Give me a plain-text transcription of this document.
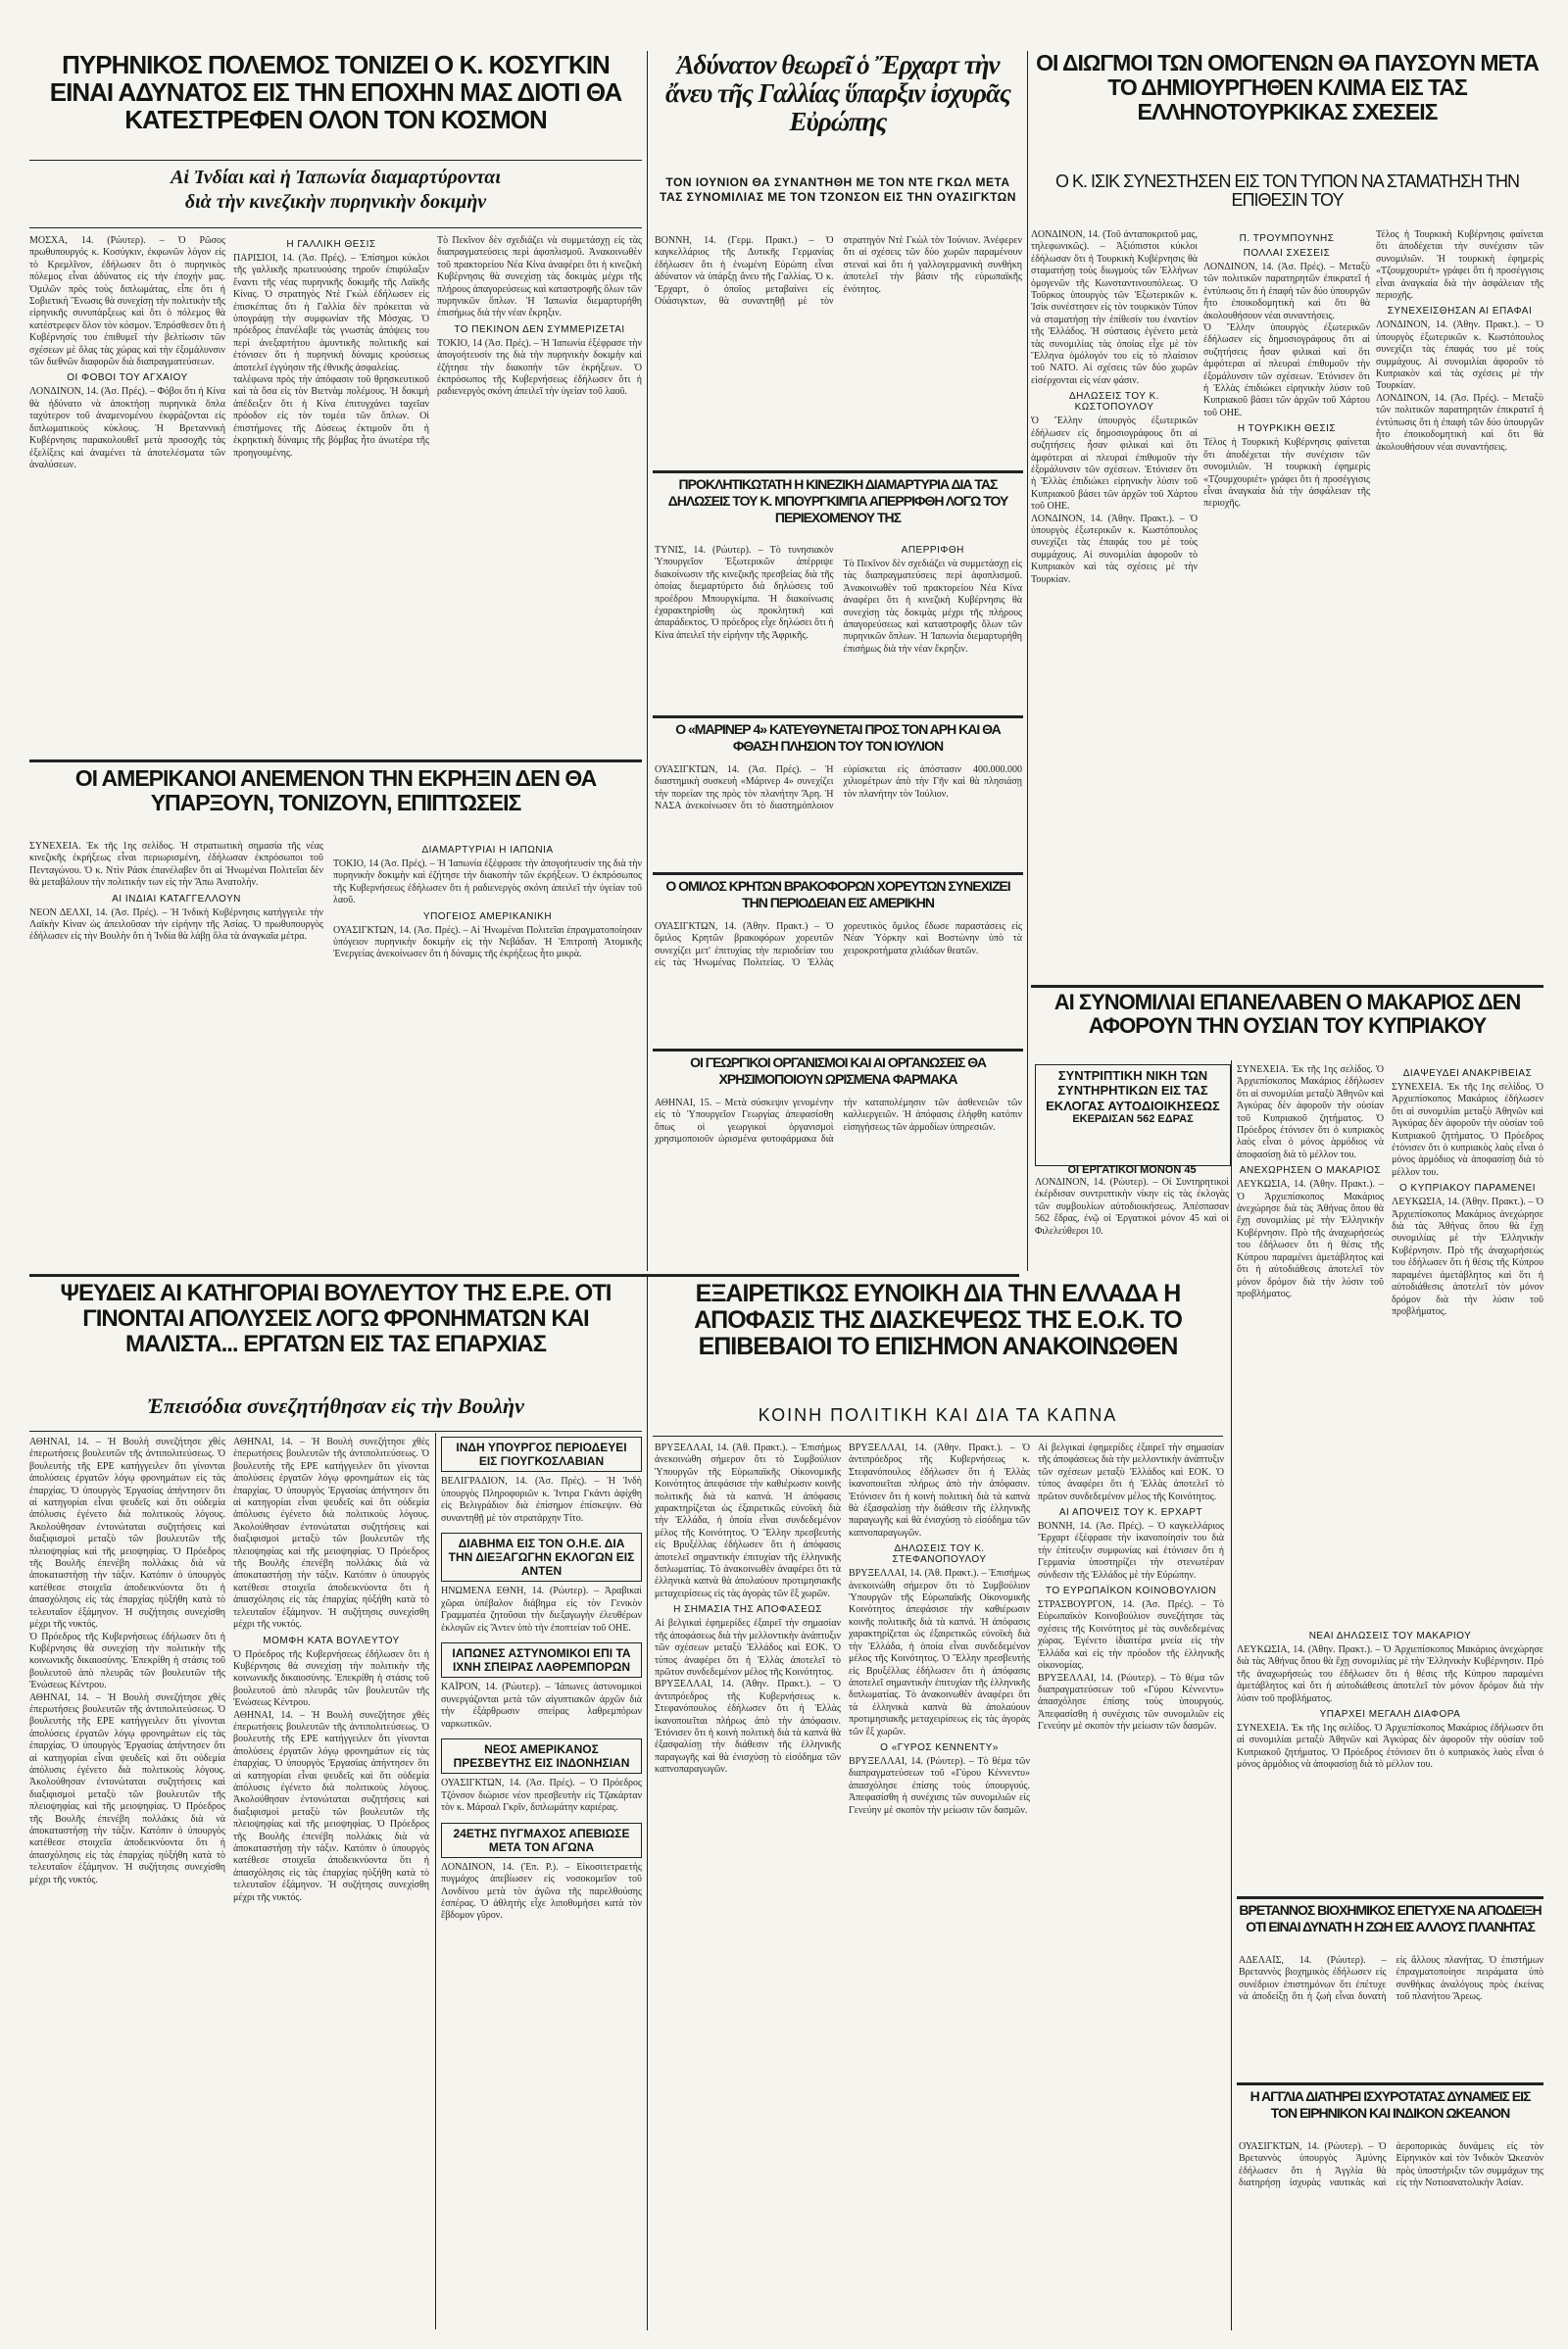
ΠΥΡΗΝΙΚΟΣ ΠΟΛΕΜΟΣ ΤΟΝΙΖΕΙ Ο Κ. ΚΟΣΥΓΚΙΝ ΕΙΝΑΙ ΑΔΥΝΑΤΟΣ ΕΙΣ ΤΗΝ ΕΠΟΧΗΝ ΜΑΣ ΔΙΟΤΙ ΘΑ ΚΑΤΕΣΤΡΕΦΕΝ ΟΛΟΝ ΤΟΝ ΚΟΣΜΟΝ
Αἱ Ἰνδίαι καὶ ἡ Ἰαπωνία διαμαρτύρονται
διὰ τὴν κινεζικὴν πυρηνικὴν δοκιμὴν

ΜΟΣΧΑ, 14. (Ρώυτερ). – Ὁ Ρῶσος πρωθυπουργός κ. Κοσύγκιν, ἐκφωνῶν λόγον εἰς τὸ Κρεμλῖνον, ἐδήλωσεν ὅτι ὁ πυρηνικὸς πόλεμος εἶναι ἀδύνατος εἰς τὴν ἐποχήν μας. Ὁμιλῶν πρὸς τοὺς διπλωμάτας, εἶπε ὅτι ἡ Σοβιετικὴ Ἕνωσις θὰ συνεχίσῃ τὴν πολιτικὴν τῆς εἰρηνικῆς συνυπάρξεως καὶ ὅτι ὁ πόλεμος θὰ κατέστρεφεν ὅλον τὸν κόσμον. Ἐπρόσθεσεν ὅτι ἡ Κυβέρνησίς του ἐπιθυμεῖ τὴν βελτίωσιν τῶν σχέσεων μὲ ὅλας τὰς χώρας καὶ τὴν ἐξομάλυνσιν τῶν διεθνῶν διαφορῶν διὰ διαπραγματεύσεων.

ΟΙ ΦΟΒΟΙ ΤΟΥ ΑΓΧΑΙΟΥ

ΛΟΝΔΙΝΟΝ, 14. (Ἀσ. Πρές). – Φόβοι ὅτι ἡ Κίνα θὰ ἠδύνατο νὰ ἀποκτήσῃ πυρηνικὰ ὅπλα ταχύτερον τοῦ ἀναμενομένου ἐκφράζονται εἰς διπλωματικοὺς κύκλους. Ἡ Βρεταννικὴ Κυβέρνησις παρακολουθεῖ μετὰ προσοχῆς τὰς ἐξελίξεις καὶ ἀναμένει τὰ ἀποτελέσματα τῶν ἀναλύσεων.

Η ΓΑΛΛΙΚΗ ΘΕΣΙΣ

ΠΑΡΙΣΙΟΙ, 14. (Ἀσ. Πρές). – Ἐπίσημοι κύκλοι τῆς γαλλικῆς πρωτευούσης τηροῦν ἐπιφύλαξιν ἔναντι τῆς νέας πυρηνικῆς δοκιμῆς τῆς Λαϊκῆς Κίνας. Ὁ στρατηγὸς Ντὲ Γκὼλ ἐδήλωσεν εἰς ἐπισκέπτας ὅτι ἡ Γαλλία δὲν πρόκειται νὰ ὑπογράψῃ τὴν συμφωνίαν τῆς Μόσχας. Ὁ πρόεδρος ἐπανέλαβε τὰς γνωστὰς ἀπόψεις του περὶ ἀνεξαρτήτου ἀμυντικῆς πολιτικῆς καὶ ἐτόνισεν ὅτι ἡ πυρηνικὴ δύναμις κρούσεως ἀποτελεῖ ἐγγύησιν τῆς ἐθνικῆς ἀσφαλείας.

ταλέφωνα πρὸς τὴν ἀπόφασιν τοῦ θρησκευτικοῦ καὶ τὰ ὅσα εἰς τὸν Βιετνὰμ πολέμους. Ἡ δοκιμὴ ἀπέδειξεν ὅτι ἡ Κίνα ἐπιτυγχάνει ταχεῖαν πρόοδον εἰς τὸν τομέα τῶν ὅπλων. Οἱ ἐπιστήμονες τῆς Δύσεως ἐκτιμοῦν ὅτι ἡ ἐκρηκτικὴ δύναμις τῆς βόμβας ἦτο ἀνωτέρα τῆς προηγουμένης.

Τὸ Πεκῖνον δὲν σχεδιάζει νὰ συμμετάσχῃ εἰς τὰς διαπραγματεύσεις περὶ ἀφοπλισμοῦ. Ἀνακοινωθὲν τοῦ πρακτορείου Νέα Κίνα ἀναφέρει ὅτι ἡ κινεζικὴ Κυβέρνησις θὰ συνεχίσῃ τὰς δοκιμὰς μέχρι τῆς πλήρους ἀπαγορεύσεως καὶ καταστροφῆς ὅλων τῶν πυρηνικῶν ὅπλων. Ἡ Ἰαπωνία διεμαρτυρήθη ἐπισήμως διὰ τὴν νέαν ἔκρηξιν.

ΤΟ ΠΕΚΙΝΟΝ ΔΕΝ ΣΥΜΜΕΡΙΖΕΤΑΙ

ΤΟΚΙΟ, 14 (Ἀσ. Πρές). – Ἡ Ἰαπωνία ἐξέφρασε τὴν ἀπογοήτευσίν της διὰ τὴν πυρηνικὴν δοκιμὴν καὶ ἐζήτησε τὴν διακοπὴν τῶν ἐκρήξεων. Ὁ ἐκπρόσωπος τῆς Κυβερνήσεως ἐδήλωσεν ὅτι ἡ ραδιενεργὸς σκόνη ἀπειλεῖ τὴν ὑγείαν τοῦ λαοῦ.

ΟΙ ΑΜΕΡΙΚΑΝΟΙ ΑΝΕΜΕΝΟΝ ΤΗΝ ΕΚΡΗΞΙΝ ΔΕΝ ΘΑ ΥΠΑΡΞΟΥΝ, ΤΟΝΙΖΟΥΝ, ΕΠΙΠΤΩΣΕΙΣ

ΣΥΝΕΧΕΙΑ. Ἐκ τῆς 1ης σελίδος. Ἡ στρατιωτικὴ σημασία τῆς νέας κινεζικῆς ἐκρήξεως εἶναι περιωρισμένη, ἐδήλωσαν ἐκπρόσωποι τοῦ Πενταγώνου. Ὁ κ. Ντὶν Ράσκ ἐπανέλαβεν ὅτι αἱ Ἡνωμέναι Πολιτεῖαι δὲν θὰ μεταβάλουν τὴν πολιτικήν των εἰς τὴν Ἄπω Ἀνατολήν.

ΑΙ ΙΝΔΙΑΙ ΚΑΤΑΓΓΕΛΛΟΥΝ

ΝΕΟΝ ΔΕΛΧΙ, 14. (Ἀσ. Πρές). – Ἡ Ἰνδικὴ Κυβέρνησις κατήγγειλε τὴν Λαϊκὴν Κίναν ὡς ἀπειλοῦσαν τὴν εἰρήνην τῆς Ἀσίας. Ὁ πρωθυπουργὸς ἐδήλωσεν εἰς τὴν Βουλὴν ὅτι ἡ Ἰνδία θὰ λάβῃ ὅλα τὰ ἀναγκαῖα μέτρα.

ΔΙΑΜΑΡΤΥΡΙΑΙ Η ΙΑΠΩΝΙΑ

ΤΟΚΙΟ, 14 (Ἀσ. Πρές). – Ἡ Ἰαπωνία ἐξέφρασε τὴν ἀπογοήτευσίν της διὰ τὴν πυρηνικὴν δοκιμὴν καὶ ἐζήτησε τὴν διακοπὴν τῶν ἐκρήξεων. Ὁ ἐκπρόσωπος τῆς Κυβερνήσεως ἐδήλωσεν ὅτι ἡ ραδιενεργὸς σκόνη ἀπειλεῖ τὴν ὑγείαν τοῦ λαοῦ.

ΥΠΟΓΕΙΟΣ ΑΜΕΡΙΚΑΝΙΚΗ

ΟΥΑΣΙΓΚΤΩΝ, 14. (Ἀσ. Πρές). – Αἱ Ἡνωμέναι Πολιτεῖαι ἐπραγματοποίησαν ὑπόγειον πυρηνικὴν δοκιμὴν εἰς τὴν Νεβάδαν. Ἡ Ἐπιτροπὴ Ἀτομικῆς Ἐνεργείας ἀνεκοίνωσεν ὅτι ἡ δύναμις τῆς ἐκρήξεως ἦτο μικρὰ.

Ἀδύνατον θεωρεῖ ὁ Ἔρχαρτ τὴν ἄνευ τῆς Γαλλίας ὕπαρξιν ἰσχυρᾶς Εὐρώπης
ΤΟΝ ΙΟΥΝΙΟΝ ΘΑ ΣΥΝΑΝΤΗΘΗ ΜΕ ΤΟΝ ΝΤΕ ΓΚΩΛ ΜΕΤΑ ΤΑΣ ΣΥΝΟΜΙΛΙΑΣ ΜΕ ΤΟΝ ΤΖΟΝΣΟΝ ΕΙΣ ΤΗΝ ΟΥΑΣΙΓΚΤΩΝ

ΒΟΝΝΗ, 14. (Γερμ. Πρακτ.) – Ὁ καγκελλάριος τῆς Δυτικῆς Γερμανίας ἐδήλωσεν ὅτι ἡ ἐνωμένη Εὐρώπη εἶναι ἀδύνατον νὰ ὑπάρξῃ ἄνευ τῆς Γαλλίας. Ὁ κ. Ἔρχαρτ, ὁ ὁποῖος μεταβαίνει εἰς Οὐάσιγκτων, θὰ συναντηθῇ μὲ τὸν στρατηγὸν Ντὲ Γκὼλ τὸν Ἰούνιον. Ἀνέφερεν ὅτι αἱ σχέσεις τῶν δύο χωρῶν παραμένουν στεναὶ καὶ ὅτι ἡ γαλλογερμανικὴ συνθήκη ἀποτελεῖ τὴν βάσιν τῆς εὐρωπαϊκῆς ἑνότητος.

ΠΡΟΚΛΗΤΙΚΩΤΑΤΗ Η ΚΙΝΕΖΙΚΗ ΔΙΑΜΑΡΤΥΡΙΑ ΔΙΑ ΤΑΣ ΔΗΛΩΣΕΙΣ ΤΟΥ Κ. ΜΠΟΥΡΓΚΙΜΠΑ ΑΠΕΡΡΙΦΘΗ ΛΟΓΩ ΤΟΥ ΠΕΡΙΕΧΟΜΕΝΟΥ ΤΗΣ

ΤΥΝΙΣ, 14. (Ρώυτερ). – Τὸ τυνησιακὸν Ὑπουργεῖον Ἐξωτερικῶν ἀπέρριψε διακοίνωσιν τῆς κινεζικῆς πρεσβείας διὰ τῆς ὁποίας διεμαρτύρετο διὰ δηλώσεις τοῦ προέδρου Μπουργκίμπα. Ἡ διακοίνωσις ἐχαρακτηρίσθη ὡς προκλητικὴ καὶ ἀπαράδεκτος. Ὁ πρόεδρος εἶχε δηλώσει ὅτι ἡ Κίνα ἀπειλεῖ τὴν εἰρήνην τῆς Ἀφρικῆς.

ΑΠΕΡΡΙΦΘΗ

Τὸ Πεκῖνον δὲν σχεδιάζει νὰ συμμετάσχῃ εἰς τὰς διαπραγματεύσεις περὶ ἀφοπλισμοῦ. Ἀνακοινωθὲν τοῦ πρακτορείου Νέα Κίνα ἀναφέρει ὅτι ἡ κινεζικὴ Κυβέρνησις θὰ συνεχίσῃ τὰς δοκιμὰς μέχρι τῆς πλήρους ἀπαγορεύσεως καὶ καταστροφῆς ὅλων τῶν πυρηνικῶν ὅπλων. Ἡ Ἰαπωνία διεμαρτυρήθη ἐπισήμως διὰ τὴν νέαν ἔκρηξιν.

Ο «ΜΑΡΙΝΕΡ 4» ΚΑΤΕΥΘΥΝΕΤΑΙ ΠΡΟΣ ΤΟΝ ΑΡΗ ΚΑΙ ΘΑ ΦΘΑΣΗ ΠΛΗΣΙΟΝ ΤΟΥ ΤΟΝ ΙΟΥΛΙΟΝ

ΟΥΑΣΙΓΚΤΩΝ, 14. (Ἀσ. Πρές). – Ἡ διαστημικὴ συσκευὴ «Μάρινερ 4» συνεχίζει τὴν πορείαν της πρὸς τὸν πλανήτην Ἄρη. Ἡ ΝΑΣΑ ἀνεκοίνωσεν ὅτι τὸ διαστημόπλοιον εὑρίσκεται εἰς ἀπόστασιν 400.000.000 χιλιομέτρων ἀπὸ τὴν Γῆν καὶ θὰ πλησιάσῃ τὸν πλανήτην τὸν Ἰούλιον.

Ο ΟΜΙΛΟΣ ΚΡΗΤΩΝ ΒΡΑΚΟΦΟΡΩΝ ΧΟΡΕΥΤΩΝ ΣΥΝΕΧΙΖΕΙ ΤΗΝ ΠΕΡΙΟΔΕΙΑΝ ΕΙΣ ΑΜΕΡΙΚΗΝ

ΟΥΑΣΙΓΚΤΩΝ, 14. (Ἀθην. Πρακτ.) – Ὁ ὅμιλος Κρητῶν βρακοφόρων χορευτῶν συνεχίζει μετ' ἐπιτυχίας τὴν περιοδείαν του εἰς τὰς Ἡνωμένας Πολιτείας. Ὁ Ἑλλὰς χορευτικὸς ὅμιλος ἔδωσε παραστάσεις εἰς Νέαν Ὑόρκην καὶ Βοστώνην ὑπὸ τὰ χειροκροτήματα χιλιάδων θεατῶν.

ΟΙ ΓΕΩΡΓΙΚΟΙ ΟΡΓΑΝΙΣΜΟΙ ΚΑΙ ΑΙ ΟΡΓΑΝΩΣΕΙΣ ΘΑ ΧΡΗΣΙΜΟΠΟΙΟΥΝ ΩΡΙΣΜΕΝΑ ΦΑΡΜΑΚΑ

ΑΘΗΝΑΙ, 15. – Μετὰ σύσκεψιν γενομένην εἰς τὸ Ὑπουργεῖον Γεωργίας ἀπεφασίσθη ὅπως οἱ γεωργικοὶ ὀργανισμοὶ χρησιμοποιοῦν ὡρισμένα φυτοφάρμακα διὰ τὴν καταπολέμησιν τῶν ἀσθενειῶν τῶν καλλιεργειῶν. Ἡ ἀπόφασις ἐλήφθη κατόπιν εἰσηγήσεως τῶν ἁρμοδίων ὑπηρεσιῶν.

ΟΙ ΔΙΩΓΜΟΙ ΤΩΝ ΟΜΟΓΕΝΩΝ ΘΑ ΠΑΥΣΟΥΝ ΜΕΤΑ ΤΟ ΔΗΜΙΟΥΡΓΗΘΕΝ ΚΛΙΜΑ ΕΙΣ ΤΑΣ ΕΛΛΗΝΟΤΟΥΡΚΙΚΑΣ ΣΧΕΣΕΙΣ
Ο Κ. ΙΣΙΚ ΣΥΝΕΣΤΗΣΕΝ ΕΙΣ ΤΟΝ ΤΥΠΟΝ ΝΑ ΣΤΑΜΑΤΗΣΗ ΤΗΝ ΕΠΙΘΕΣΙΝ ΤΟΥ

ΛΟΝΔΙΝΟΝ, 14. (Τοῦ ἀνταποκριτοῦ μας, τηλεφωνικῶς). – Ἀξιόπιστοι κύκλοι ἐδήλωσαν ὅτι ἡ Τουρκικὴ Κυβέρνησις θὰ σταματήσῃ τοὺς διωγμοὺς τῶν Ἑλλήνων ὁμογενῶν τῆς Κωνσταντινουπόλεως. Ὁ Τοῦρκος ὑπουργὸς τῶν Ἐξωτερικῶν κ. Ἰσὶκ συνέστησεν εἰς τὸν τουρκικὸν Τύπον νὰ σταματήσῃ τὴν ἐπίθεσίν του ἐναντίον τῆς Ἑλλάδος. Ἡ σύστασις ἐγένετο μετὰ τὰς συνομιλίας τὰς ὁποίας εἶχε μὲ τὸν Ἕλληνα ὁμόλογόν του εἰς τὸ πλαίσιον τοῦ ΝΑΤΟ. Αἱ σχέσεις τῶν δύο χωρῶν εἰσέρχονται εἰς νέαν φάσιν.

ΔΗΛΩΣΕΙΣ ΤΟΥ Κ. ΚΩΣΤΟΠΟΥΛΟΥ

Ὁ Ἕλλην ὑπουργὸς ἐξωτερικῶν ἐδήλωσεν εἰς δημοσιογράφους ὅτι αἱ συζητήσεις ἦσαν φιλικαὶ καὶ ὅτι ἀμφότεραι αἱ πλευραὶ ἐπιθυμοῦν τὴν ἐξομάλυνσιν τῶν σχέσεων. Ἐτόνισεν ὅτι ἡ Ἑλλὰς ἐπιδιώκει εἰρηνικὴν λύσιν τοῦ Κυπριακοῦ βάσει τῶν ἀρχῶν τοῦ Χάρτου τοῦ ΟΗΕ.

ΛΟΝΔΙΝΟΝ, 14. (Ἀθην. Πρακτ.). – Ὁ ὑπουργὸς ἐξωτερικῶν κ. Κωστόπουλος συνεχίζει τὰς ἐπαφάς του μὲ τοὺς συμμάχους. Αἱ συνομιλίαι ἀφοροῦν τὸ Κυπριακὸν καὶ τὰς σχέσεις μὲ τὴν Τουρκίαν.

Π. ΤΡΟΥΜΠΟΥΝΗΣ
ΠΟΛΛΑΙ ΣΧΕΣΕΙΣ

ΛΟΝΔΙΝΟΝ, 14. (Ἀσ. Πρές). – Μεταξὺ τῶν πολιτικῶν παρατηρητῶν ἐπικρατεῖ ἡ ἐντύπωσις ὅτι ἡ ἐπαφὴ τῶν δύο ὑπουργῶν ἦτο ἐποικοδομητικὴ καὶ ὅτι θὰ ἀκολουθήσουν νέαι συναντήσεις.

Ὁ Ἕλλην ὑπουργὸς ἐξωτερικῶν ἐδήλωσεν εἰς δημοσιογράφους ὅτι αἱ συζητήσεις ἦσαν φιλικαὶ καὶ ὅτι ἀμφότεραι αἱ πλευραὶ ἐπιθυμοῦν τὴν ἐξομάλυνσιν τῶν σχέσεων. Ἐτόνισεν ὅτι ἡ Ἑλλὰς ἐπιδιώκει εἰρηνικὴν λύσιν τοῦ Κυπριακοῦ βάσει τῶν ἀρχῶν τοῦ Χάρτου τοῦ ΟΗΕ.

Η ΤΟΥΡΚΙΚΗ ΘΕΣΙΣ

Τέλος ἡ Τουρκικὴ Κυβέρνησις φαίνεται ὅτι ἀποδέχεται τὴν συνέχισιν τῶν συνομιλιῶν. Ἡ τουρκικὴ ἐφημερὶς «Τζουμχουριέτ» γράφει ὅτι ἡ προσέγγισις εἶναι ἀναγκαία διὰ τὴν ἀσφάλειαν τῆς περιοχῆς.

Τέλος ἡ Τουρκικὴ Κυβέρνησις φαίνεται ὅτι ἀποδέχεται τὴν συνέχισιν τῶν συνομιλιῶν. Ἡ τουρκικὴ ἐφημερὶς «Τζουμχουριέτ» γράφει ὅτι ἡ προσέγγισις εἶναι ἀναγκαία διὰ τὴν ἀσφάλειαν τῆς περιοχῆς.

ΣΥΝΕΧΕΙΣΘΗΣΑΝ ΑΙ ΕΠΑΦΑΙ

ΛΟΝΔΙΝΟΝ, 14. (Ἀθην. Πρακτ.). – Ὁ ὑπουργὸς ἐξωτερικῶν κ. Κωστόπουλος συνεχίζει τὰς ἐπαφάς του μὲ τοὺς συμμάχους. Αἱ συνομιλίαι ἀφοροῦν τὸ Κυπριακὸν καὶ τὰς σχέσεις μὲ τὴν Τουρκίαν.

ΛΟΝΔΙΝΟΝ, 14. (Ἀσ. Πρές). – Μεταξὺ τῶν πολιτικῶν παρατηρητῶν ἐπικρατεῖ ἡ ἐντύπωσις ὅτι ἡ ἐπαφὴ τῶν δύο ὑπουργῶν ἦτο ἐποικοδομητικὴ καὶ ὅτι θὰ ἀκολουθήσουν νέαι συναντήσεις.

ΑΙ ΣΥΝΟΜΙΛΙΑΙ ΕΠΑΝΕΛΑΒΕΝ Ο ΜΑΚΑΡΙΟΣ ΔΕΝ ΑΦΟΡΟΥΝ ΤΗΝ ΟΥΣΙΑΝ ΤΟΥ ΚΥΠΡΙΑΚΟΥ
ΣΥΝΤΡΙΠΤΙΚΗ ΝΙΚΗ ΤΩΝ ΣΥΝΤΗΡΗΤΙΚΩΝ ΕΙΣ ΤΑΣ ΕΚΛΟΓΑΣ ΑΥΤΟΔΙΟΙΚΗΣΕΩΣ
ΕΚΕΡΔΙΣΑΝ 562 ΕΔΡΑΣ
ΟΙ ΕΡΓΑΤΙΚΟΙ ΜΟΝΟΝ 45

ΛΟΝΔΙΝΟΝ, 14. (Ρώυτερ). – Οἱ Συντηρητικοὶ ἐκέρδισαν συντριπτικὴν νίκην εἰς τὰς ἐκλογὰς τῶν συμβουλίων αὐτοδιοικήσεως. Ἀπέσπασαν 562 ἕδρας, ἐνῷ οἱ Ἐργατικοὶ μόνον 45 καὶ οἱ Φιλελεύθεροι 10.

ΣΥΝΕΧΕΙΑ. Ἐκ τῆς 1ης σελίδος. Ὁ Ἀρχιεπίσκοπος Μακάριος ἐδήλωσεν ὅτι αἱ συνομιλίαι μεταξὺ Ἀθηνῶν καὶ Ἀγκύρας δὲν ἀφοροῦν τὴν οὐσίαν τοῦ Κυπριακοῦ ζητήματος. Ὁ Πρόεδρος ἐτόνισεν ὅτι ὁ κυπριακὸς λαὸς εἶναι ὁ μόνος ἁρμόδιος νὰ ἀποφασίσῃ διὰ τὸ μέλλον του.

ΑΝΕΧΩΡΗΣΕΝ Ο ΜΑΚΑΡΙΟΣ

ΛΕΥΚΩΣΙΑ, 14. (Ἀθην. Πρακτ.). – Ὁ Ἀρχιεπίσκοπος Μακάριος ἀνεχώρησε διὰ τὰς Ἀθήνας ὅπου θὰ ἔχῃ συνομιλίας μὲ τὴν Ἑλληνικὴν Κυβέρνησιν. Πρὸ τῆς ἀναχωρήσεώς του ἐδήλωσεν ὅτι ἡ θέσις τῆς Κύπρου παραμένει ἀμετάβλητος καὶ ὅτι ἡ αὐτοδιάθεσις ἀποτελεῖ τὸν μόνον δρόμον διὰ τὴν λύσιν τοῦ προβλήματος.

ΔΙΑΨΕΥΔΕΙ ΑΝΑΚΡΙΒΕΙΑΣ

ΣΥΝΕΧΕΙΑ. Ἐκ τῆς 1ης σελίδος. Ὁ Ἀρχιεπίσκοπος Μακάριος ἐδήλωσεν ὅτι αἱ συνομιλίαι μεταξὺ Ἀθηνῶν καὶ Ἀγκύρας δὲν ἀφοροῦν τὴν οὐσίαν τοῦ Κυπριακοῦ ζητήματος. Ὁ Πρόεδρος ἐτόνισεν ὅτι ὁ κυπριακὸς λαὸς εἶναι ὁ μόνος ἁρμόδιος νὰ ἀποφασίσῃ διὰ τὸ μέλλον του.

Ο ΚΥΠΡΙΑΚΟΥ ΠΑΡΑΜΕΝΕΙ

ΛΕΥΚΩΣΙΑ, 14. (Ἀθην. Πρακτ.). – Ὁ Ἀρχιεπίσκοπος Μακάριος ἀνεχώρησε διὰ τὰς Ἀθήνας ὅπου θὰ ἔχῃ συνομιλίας μὲ τὴν Ἑλληνικὴν Κυβέρνησιν. Πρὸ τῆς ἀναχωρήσεώς του ἐδήλωσεν ὅτι ἡ θέσις τῆς Κύπρου παραμένει ἀμετάβλητος καὶ ὅτι ἡ αὐτοδιάθεσις ἀποτελεῖ τὸν μόνον δρόμον διὰ τὴν λύσιν τοῦ προβλήματος.

ΨΕΥΔΕΙΣ ΑΙ ΚΑΤΗΓΟΡΙΑΙ ΒΟΥΛΕΥΤΟΥ ΤΗΣ Ε.Ρ.Ε. ΟΤΙ ΓΙΝΟΝΤΑΙ ΑΠΟΛΥΣΕΙΣ ΛΟΓΩ ΦΡΟΝΗΜΑΤΩΝ ΚΑΙ ΜΑΛΙΣΤΑ... ΕΡΓΑΤΩΝ ΕΙΣ ΤΑΣ ΕΠΑΡΧΙΑΣ
Ἐπεισόδια συνεζητήθησαν εἰς τὴν Βουλὴν

ΑΘΗΝΑΙ, 14. – Ἡ Βουλὴ συνεζήτησε χθὲς ἐπερωτήσεις βουλευτῶν τῆς ἀντιπολιτεύσεως. Ὁ βουλευτὴς τῆς ΕΡΕ κατήγγειλεν ὅτι γίνονται ἀπολύσεις ἐργατῶν λόγῳ φρονημάτων εἰς τὰς ἐπαρχίας. Ὁ ὑπουργὸς Ἐργασίας ἀπήντησεν ὅτι αἱ κατηγορίαι εἶναι ψευδεῖς καὶ ὅτι οὐδεμία ἀπόλυσις ἐγένετο διὰ πολιτικοὺς λόγους. Ἀκολούθησαν ἐντονώταται συζητήσεις καὶ διαξιφισμοὶ μεταξὺ τῶν βουλευτῶν τῆς πλειοψηφίας καὶ τῆς μειοψηφίας. Ὁ Πρόεδρος τῆς Βουλῆς ἐπενέβη πολλάκις διὰ νὰ ἀποκαταστήσῃ τὴν τάξιν. Κατόπιν ὁ ὑπουργὸς κατέθεσε στοιχεῖα ἀποδεικνύοντα ὅτι ἡ ἀπασχόλησις εἰς τὰς ἐπαρχίας ηὐξήθη κατὰ τὸ τελευταῖον ἑξάμηνον. Ἡ συζήτησις συνεχίσθη μέχρι τῆς νυκτός.

Ὁ Πρόεδρος τῆς Κυβερνήσεως ἐδήλωσεν ὅτι ἡ Κυβέρνησις θὰ συνεχίσῃ τὴν πολιτικὴν τῆς κοινωνικῆς δικαιοσύνης. Ἐπεκρίθη ἡ στάσις τοῦ βουλευτοῦ ἀπὸ πλευρᾶς τῶν βουλευτῶν τῆς Ἑνώσεως Κέντρου.

ΑΘΗΝΑΙ, 14. – Ἡ Βουλὴ συνεζήτησε χθὲς ἐπερωτήσεις βουλευτῶν τῆς ἀντιπολιτεύσεως. Ὁ βουλευτὴς τῆς ΕΡΕ κατήγγειλεν ὅτι γίνονται ἀπολύσεις ἐργατῶν λόγῳ φρονημάτων εἰς τὰς ἐπαρχίας. Ὁ ὑπουργὸς Ἐργασίας ἀπήντησεν ὅτι αἱ κατηγορίαι εἶναι ψευδεῖς καὶ ὅτι οὐδεμία ἀπόλυσις ἐγένετο διὰ πολιτικοὺς λόγους. Ἀκολούθησαν ἐντονώταται συζητήσεις καὶ διαξιφισμοὶ μεταξὺ τῶν βουλευτῶν τῆς πλειοψηφίας καὶ τῆς μειοψηφίας. Ὁ Πρόεδρος τῆς Βουλῆς ἐπενέβη πολλάκις διὰ νὰ ἀποκαταστήσῃ τὴν τάξιν. Κατόπιν ὁ ὑπουργὸς κατέθεσε στοιχεῖα ἀποδεικνύοντα ὅτι ἡ ἀπασχόλησις εἰς τὰς ἐπαρχίας ηὐξήθη κατὰ τὸ τελευταῖον ἑξάμηνον. Ἡ συζήτησις συνεχίσθη μέχρι τῆς νυκτός.

ΑΘΗΝΑΙ, 14. – Ἡ Βουλὴ συνεζήτησε χθὲς ἐπερωτήσεις βουλευτῶν τῆς ἀντιπολιτεύσεως. Ὁ βουλευτὴς τῆς ΕΡΕ κατήγγειλεν ὅτι γίνονται ἀπολύσεις ἐργατῶν λόγῳ φρονημάτων εἰς τὰς ἐπαρχίας. Ὁ ὑπουργὸς Ἐργασίας ἀπήντησεν ὅτι αἱ κατηγορίαι εἶναι ψευδεῖς καὶ ὅτι οὐδεμία ἀπόλυσις ἐγένετο διὰ πολιτικοὺς λόγους. Ἀκολούθησαν ἐντονώταται συζητήσεις καὶ διαξιφισμοὶ μεταξὺ τῶν βουλευτῶν τῆς πλειοψηφίας καὶ τῆς μειοψηφίας. Ὁ Πρόεδρος τῆς Βουλῆς ἐπενέβη πολλάκις διὰ νὰ ἀποκαταστήσῃ τὴν τάξιν. Κατόπιν ὁ ὑπουργὸς κατέθεσε στοιχεῖα ἀποδεικνύοντα ὅτι ἡ ἀπασχόλησις εἰς τὰς ἐπαρχίας ηὐξήθη κατὰ τὸ τελευταῖον ἑξάμηνον. Ἡ συζήτησις συνεχίσθη μέχρι τῆς νυκτός.

ΜΟΜΦΗ ΚΑΤΑ ΒΟΥΛΕΥΤΟΥ

Ὁ Πρόεδρος τῆς Κυβερνήσεως ἐδήλωσεν ὅτι ἡ Κυβέρνησις θὰ συνεχίσῃ τὴν πολιτικὴν τῆς κοινωνικῆς δικαιοσύνης. Ἐπεκρίθη ἡ στάσις τοῦ βουλευτοῦ ἀπὸ πλευρᾶς τῶν βουλευτῶν τῆς Ἑνώσεως Κέντρου.

ΑΘΗΝΑΙ, 14. – Ἡ Βουλὴ συνεζήτησε χθὲς ἐπερωτήσεις βουλευτῶν τῆς ἀντιπολιτεύσεως. Ὁ βουλευτὴς τῆς ΕΡΕ κατήγγειλεν ὅτι γίνονται ἀπολύσεις ἐργατῶν λόγῳ φρονημάτων εἰς τὰς ἐπαρχίας. Ὁ ὑπουργὸς Ἐργασίας ἀπήντησεν ὅτι αἱ κατηγορίαι εἶναι ψευδεῖς καὶ ὅτι οὐδεμία ἀπόλυσις ἐγένετο διὰ πολιτικοὺς λόγους. Ἀκολούθησαν ἐντονώταται συζητήσεις καὶ διαξιφισμοὶ μεταξὺ τῶν βουλευτῶν τῆς πλειοψηφίας καὶ τῆς μειοψηφίας. Ὁ Πρόεδρος τῆς Βουλῆς ἐπενέβη πολλάκις διὰ νὰ ἀποκαταστήσῃ τὴν τάξιν. Κατόπιν ὁ ὑπουργὸς κατέθεσε στοιχεῖα ἀποδεικνύοντα ὅτι ἡ ἀπασχόλησις εἰς τὰς ἐπαρχίας ηὐξήθη κατὰ τὸ τελευταῖον ἑξάμηνον. Ἡ συζήτησις συνεχίσθη μέχρι τῆς νυκτός.

ΙΝΔΗ ΥΠΟΥΡΓΟΣ ΠΕΡΙΟΔΕΥΕΙ ΕΙΣ ΓΙΟΥΓΚΟΣΛΑΒΙΑΝ

ΒΕΛΙΓΡΑΔΙΟΝ, 14. (Ἀσ. Πρές). – Ἡ Ἰνδὴ ὑπουργὸς Πληροφοριῶν κ. Ἰντιρα Γκάντι ἀφίχθη εἰς Βελιγράδιον διὰ ἐπίσημον ἐπίσκεψιν. Θὰ συναντηθῇ μὲ τὸν στρατάρχην Τίτο.

ΔΙΑΒΗΜΑ ΕΙΣ ΤΟΝ Ο.Η.Ε. ΔΙΑ ΤΗΝ ΔΙΕΞΑΓΩΓΗΝ ΕΚΛΟΓΩΝ ΕΙΣ ΑΝΤΕΝ

ΗΝΩΜΕΝΑ ΕΘΝΗ, 14. (Ρώυτερ). – Ἀραβικαὶ χῶραι ὑπέβαλον διάβημα εἰς τὸν Γενικὸν Γραμματέα ζητοῦσαι τὴν διεξαγωγὴν ἐλευθέρων ἐκλογῶν εἰς Ἄντεν ὑπὸ τὴν ἐποπτείαν τοῦ ΟΗΕ.

ΙΑΠΩΝΕΣ ΑΣΤΥΝΟΜΙΚΟΙ ΕΠΙ ΤΑ ΙΧΝΗ ΣΠΕΙΡΑΣ ΛΑΘΡΕΜΠΟΡΩΝ

ΚΑΪΡΟΝ, 14. (Ρώυτερ). – Ἰάπωνες ἀστυνομικοὶ συνεργάζονται μετὰ τῶν αἰγυπτιακῶν ἀρχῶν διὰ τὴν ἐξάρθρωσιν σπείρας λαθρεμπόρων ναρκωτικῶν.

ΝΕΟΣ ΑΜΕΡΙΚΑΝΟΣ ΠΡΕΣΒΕΥΤΗΣ ΕΙΣ ΙΝΔΟΝΗΣΙΑΝ

ΟΥΑΣΙΓΚΤΩΝ, 14. (Ἀσ. Πρές). – Ὁ Πρόεδρος Τζόνσον διώρισε νέον πρεσβευτὴν εἰς Τζακάρταν τὸν κ. Μάρσαλ Γκρῖν, διπλωμάτην καριέρας.

24ΕΤΗΣ ΠΥΓΜΑΧΟΣ ΑΠΕΒΙΩΣΕ ΜΕΤΑ ΤΟΝ ΑΓΩΝΑ

ΛΟΝΔΙΝΟΝ, 14. (Ἐπ. Ρ.). – Εἰκοσιτετραετὴς πυγμάχος ἀπεβίωσεν εἰς νοσοκομεῖον τοῦ Λονδίνου μετὰ τὸν ἀγῶνα τῆς παρελθούσης ἑσπέρας. Ὁ ἀθλητὴς εἶχε λιποθυμήσει κατὰ τὸν ἕβδομον γῦρον.

ΕΞΑΙΡΕΤΙΚΩΣ ΕΥΝΟΙΚΗ ΔΙΑ ΤΗΝ ΕΛΛΑΔΑ Η ΑΠΟΦΑΣΙΣ ΤΗΣ ΔΙΑΣΚΕΨΕΩΣ ΤΗΣ Ε.Ο.Κ. ΤΟ ΕΠΙΒΕΒΑΙΟΙ ΤΟ ΕΠΙΣΗΜΟΝ ΑΝΑΚΟΙΝΩΘΕΝ
ΚΟΙΝΗ ΠΟΛΙΤΙΚΗ ΚΑΙ ΔΙΑ ΤΑ ΚΑΠΝΑ

ΒΡΥΞΕΛΛΑΙ, 14. (Ἀθ. Πρακτ.). – Ἐπισήμως ἀνεκοινώθη σήμερον ὅτι τὸ Συμβούλιον Ὑπουργῶν τῆς Εὐρωπαϊκῆς Οἰκονομικῆς Κοινότητος ἀπεφάσισε τὴν καθιέρωσιν κοινῆς πολιτικῆς διὰ τὰ καπνά. Ἡ ἀπόφασις χαρακτηρίζεται ὡς ἐξαιρετικῶς εὐνοϊκὴ διὰ τὴν Ἑλλάδα, ἡ ὁποία εἶναι συνδεδεμένον μέλος τῆς Κοινότητος. Ὁ Ἕλλην πρεσβευτὴς εἰς Βρυξέλλας ἐδήλωσεν ὅτι ἡ ἀπόφασις ἀποτελεῖ σημαντικὴν ἐπιτυχίαν τῆς ἑλληνικῆς διπλωματίας. Τὸ ἀνακοινωθὲν ἀναφέρει ὅτι τὰ ἑλληνικὰ καπνὰ θὰ ἀπολαύουν προτιμησιακῆς μεταχειρίσεως εἰς τὰς ἀγορὰς τῶν ἓξ χωρῶν.

Η ΣΗΜΑΣΙΑ ΤΗΣ ΑΠΟΦΑΣΕΩΣ

Αἱ βελγικαὶ ἐφημερίδες ἐξαιρεῖ τὴν σημασίαν τῆς ἀποφάσεως διὰ τὴν μελλοντικὴν ἀνάπτυξιν τῶν σχέσεων μεταξὺ Ἑλλάδος καὶ ΕΟΚ. Ὁ τύπος ἀναφέρει ὅτι ἡ Ἑλλὰς ἀποτελεῖ τὸ πρῶτον συνδεδεμένον μέλος τῆς Κοινότητος.

ΒΡΥΞΕΛΛΑΙ, 14. (Ἀθην. Πρακτ.). – Ὁ ἀντιπρόεδρος τῆς Κυβερνήσεως κ. Στεφανόπουλος ἐδήλωσεν ὅτι ἡ Ἑλλὰς ἱκανοποιεῖται πλήρως ἀπὸ τὴν ἀπόφασιν. Ἐτόνισεν ὅτι ἡ κοινὴ πολιτικὴ διὰ τὰ καπνὰ θὰ ἐξασφαλίσῃ τὴν διάθεσιν τῆς ἑλληνικῆς παραγωγῆς καὶ θὰ ἐνισχύσῃ τὸ εἰσόδημα τῶν καπνοπαραγωγῶν.

ΒΡΥΞΕΛΛΑΙ, 14. (Ἀθην. Πρακτ.). – Ὁ ἀντιπρόεδρος τῆς Κυβερνήσεως κ. Στεφανόπουλος ἐδήλωσεν ὅτι ἡ Ἑλλὰς ἱκανοποιεῖται πλήρως ἀπὸ τὴν ἀπόφασιν. Ἐτόνισεν ὅτι ἡ κοινὴ πολιτικὴ διὰ τὰ καπνὰ θὰ ἐξασφαλίσῃ τὴν διάθεσιν τῆς ἑλληνικῆς παραγωγῆς καὶ θὰ ἐνισχύσῃ τὸ εἰσόδημα τῶν καπνοπαραγωγῶν.

ΔΗΛΩΣΕΙΣ ΤΟΥ Κ. ΣΤΕΦΑΝΟΠΟΥΛΟΥ

ΒΡΥΞΕΛΛΑΙ, 14. (Ἀθ. Πρακτ.). – Ἐπισήμως ἀνεκοινώθη σήμερον ὅτι τὸ Συμβούλιον Ὑπουργῶν τῆς Εὐρωπαϊκῆς Οἰκονομικῆς Κοινότητος ἀπεφάσισε τὴν καθιέρωσιν κοινῆς πολιτικῆς διὰ τὰ καπνά. Ἡ ἀπόφασις χαρακτηρίζεται ὡς ἐξαιρετικῶς εὐνοϊκὴ διὰ τὴν Ἑλλάδα, ἡ ὁποία εἶναι συνδεδεμένον μέλος τῆς Κοινότητος. Ὁ Ἕλλην πρεσβευτὴς εἰς Βρυξέλλας ἐδήλωσεν ὅτι ἡ ἀπόφασις ἀποτελεῖ σημαντικὴν ἐπιτυχίαν τῆς ἑλληνικῆς διπλωματίας. Τὸ ἀνακοινωθὲν ἀναφέρει ὅτι τὰ ἑλληνικὰ καπνὰ θὰ ἀπολαύουν προτιμησιακῆς μεταχειρίσεως εἰς τὰς ἀγορὰς τῶν ἓξ χωρῶν.

Ο «ΓΥΡΟΣ ΚΕΝΝΕΝΤΥ»

ΒΡΥΞΕΛΛΑΙ, 14. (Ρώυτερ). – Τὸ θέμα τῶν διαπραγματεύσεων τοῦ «Γύρου Κέννεντυ» ἀπασχόλησε ἐπίσης τοὺς ὑπουργούς. Ἀπεφασίσθη ἡ συνέχισις τῶν συνομιλιῶν εἰς Γενεύην μὲ σκοπὸν τὴν μείωσιν τῶν δασμῶν.

Αἱ βελγικαὶ ἐφημερίδες ἐξαιρεῖ τὴν σημασίαν τῆς ἀποφάσεως διὰ τὴν μελλοντικὴν ἀνάπτυξιν τῶν σχέσεων μεταξὺ Ἑλλάδος καὶ ΕΟΚ. Ὁ τύπος ἀναφέρει ὅτι ἡ Ἑλλὰς ἀποτελεῖ τὸ πρῶτον συνδεδεμένον μέλος τῆς Κοινότητος.

ΑΙ ΑΠΟΨΕΙΣ ΤΟΥ Κ. ΕΡΧΑΡΤ

ΒΟΝΝΗ, 14. (Ἀσ. Πρές). – Ὁ καγκελλάριος Ἔρχαρτ ἐξέφρασε τὴν ἱκανοποίησίν του διὰ τὴν ἐπίτευξιν συμφωνίας καὶ ἐτόνισεν ὅτι ἡ Γερμανία ὑποστηρίζει τὴν στενωτέραν σύνδεσιν τῆς Ἑλλάδος μὲ τὴν Εὐρώπην.

ΤΟ ΕΥΡΩΠΑΪΚΟΝ ΚΟΙΝΟΒΟΥΛΙΟΝ

ΣΤΡΑΣΒΟΥΡΓΟΝ, 14. (Ἀσ. Πρές). – Τὸ Εὐρωπαϊκὸν Κοινοβούλιον συνεζήτησε τὰς σχέσεις τῆς Κοινότητος μὲ τὰς συνδεδεμένας χώρας. Ἐγένετο ἰδιαιτέρα μνεία εἰς τὴν Ἑλλάδα καὶ εἰς τὴν πρόοδον τῆς ἑλληνικῆς οἰκονομίας.

ΒΡΥΞΕΛΛΑΙ, 14. (Ρώυτερ). – Τὸ θέμα τῶν διαπραγματεύσεων τοῦ «Γύρου Κέννεντυ» ἀπασχόλησε ἐπίσης τοὺς ὑπουργούς. Ἀπεφασίσθη ἡ συνέχισις τῶν συνομιλιῶν εἰς Γενεύην μὲ σκοπὸν τὴν μείωσιν τῶν δασμῶν.

ΝΕΑΙ ΔΗΛΩΣΕΙΣ ΤΟΥ ΜΑΚΑΡΙΟΥ

ΛΕΥΚΩΣΙΑ, 14. (Ἀθην. Πρακτ.). – Ὁ Ἀρχιεπίσκοπος Μακάριος ἀνεχώρησε διὰ τὰς Ἀθήνας ὅπου θὰ ἔχῃ συνομιλίας μὲ τὴν Ἑλληνικὴν Κυβέρνησιν. Πρὸ τῆς ἀναχωρήσεώς του ἐδήλωσεν ὅτι ἡ θέσις τῆς Κύπρου παραμένει ἀμετάβλητος καὶ ὅτι ἡ αὐτοδιάθεσις ἀποτελεῖ τὸν μόνον δρόμον διὰ τὴν λύσιν τοῦ προβλήματος.

ΥΠΑΡΧΕΙ ΜΕΓΑΛΗ ΔΙΑΦΟΡΑ

ΣΥΝΕΧΕΙΑ. Ἐκ τῆς 1ης σελίδος. Ὁ Ἀρχιεπίσκοπος Μακάριος ἐδήλωσεν ὅτι αἱ συνομιλίαι μεταξὺ Ἀθηνῶν καὶ Ἀγκύρας δὲν ἀφοροῦν τὴν οὐσίαν τοῦ Κυπριακοῦ ζητήματος. Ὁ Πρόεδρος ἐτόνισεν ὅτι ὁ κυπριακὸς λαὸς εἶναι ὁ μόνος ἁρμόδιος νὰ ἀποφασίσῃ διὰ τὸ μέλλον του.

ΒΡΕΤΑΝΝΟΣ ΒΙΟΧΗΜΙΚΟΣ ΕΠΕΤΥΧΕ ΝΑ ΑΠΟΔΕΙΞΗ ΟΤΙ ΕΙΝΑΙ ΔΥΝΑΤΗ Η ΖΩΗ ΕΙΣ ΑΛΛΟΥΣ ΠΛΑΝΗΤΑΣ

ΑΔΕΛΑΪΣ, 14. (Ρώυτερ). – Βρεταννὸς βιοχημικὸς ἐδήλωσεν εἰς συνέδριον ἐπιστημόνων ὅτι ἐπέτυχε νὰ ἀποδείξῃ ὅτι ἡ ζωὴ εἶναι δυνατὴ εἰς ἄλλους πλανήτας. Ὁ ἐπιστήμων ἐπραγματοποίησε πειράματα ὑπὸ συνθήκας ἀναλόγους πρὸς ἐκείνας τοῦ πλανήτου Ἄρεως.

Η ΑΓΓΛΙΑ ΔΙΑΤΗΡΕΙ ΙΣΧΥΡΟΤΑΤΑΣ ΔΥΝΑΜΕΙΣ ΕΙΣ ΤΟΝ ΕΙΡΗΝΙΚΟΝ ΚΑΙ ΙΝΔΙΚΟΝ ΩΚΕΑΝΟΝ

ΟΥΑΣΙΓΚΤΩΝ, 14. (Ρώυτερ). – Ὁ Βρεταννὸς ὑπουργὸς Ἀμύνης ἐδήλωσεν ὅτι ἡ Ἀγγλία θὰ διατηρήσῃ ἰσχυρὰς ναυτικὰς καὶ ἀεροπορικὰς δυνάμεις εἰς τὸν Εἰρηνικὸν καὶ τὸν Ἰνδικὸν Ὠκεανὸν πρὸς ὑποστήριξιν τῶν συμμάχων της εἰς τὴν Νοτιοανατολικὴν Ἀσίαν.
